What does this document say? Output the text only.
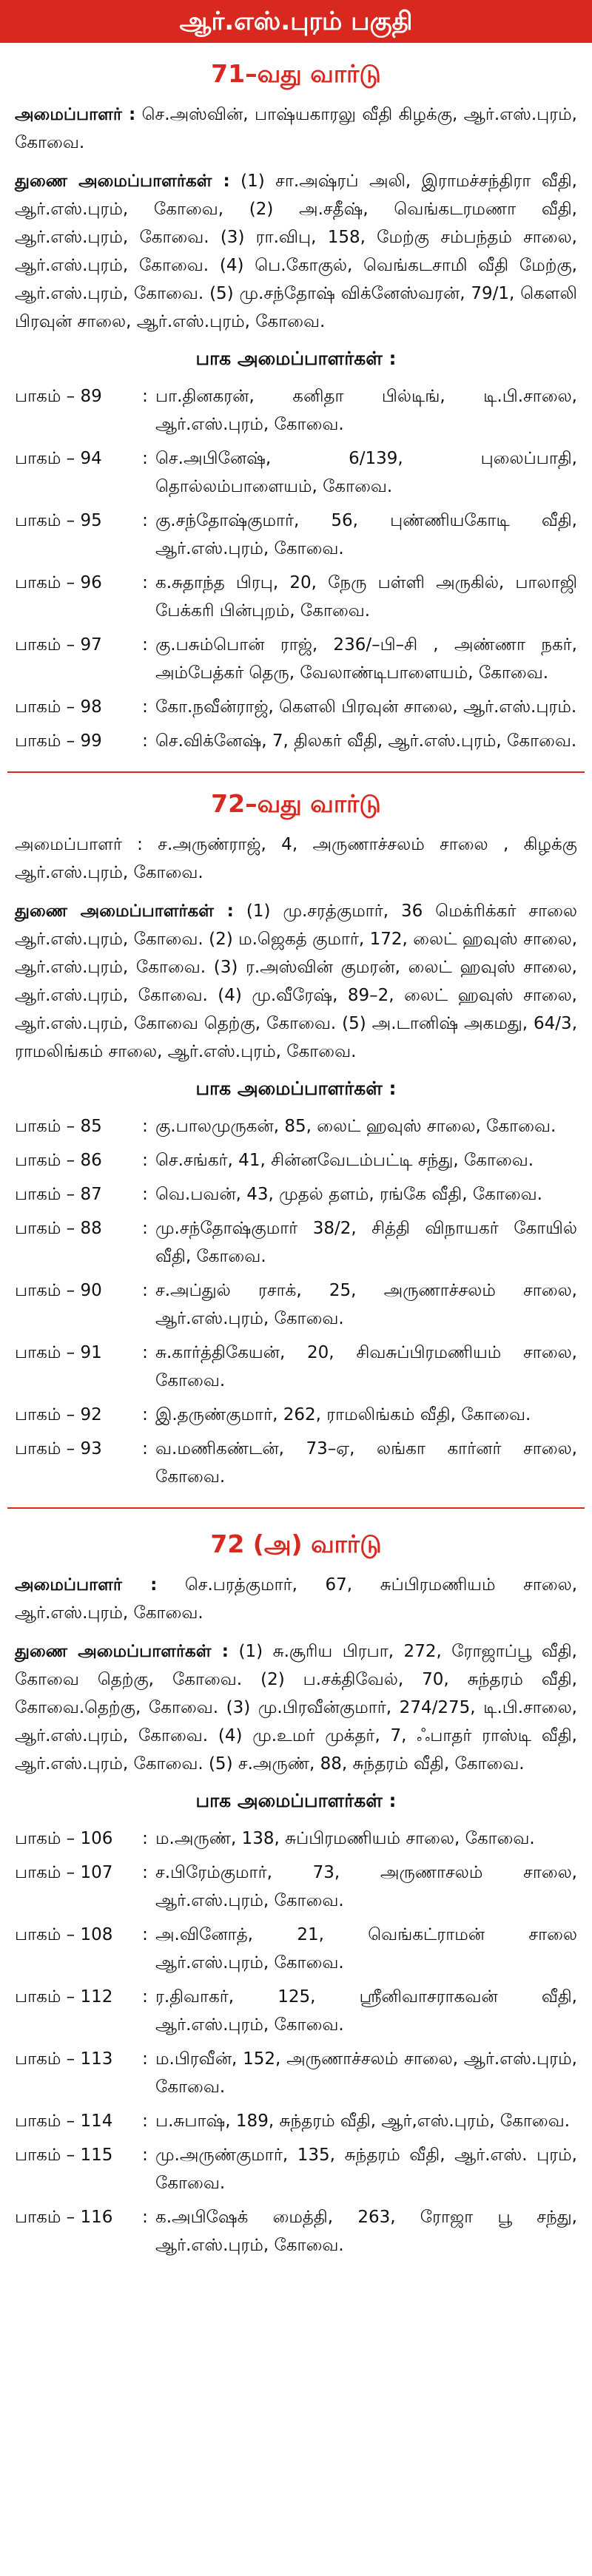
ஆர்.எஸ்.புரம் பகுதி
71–வது வார்டு

அமைப்பாளர் : செ.அஸ்வின், பாஷ்யகாரலு வீதி கிழக்கு, ஆர்.எஸ்.புரம், கோவை.

துணை அமைப்பாளர்கள் : (1) சா.அஷ்ரப் அலி, இராமச்சந்திரா வீதி, ஆர்.எஸ்.புரம், கோவை, (2) அ.சதீஷ், வெங்கடரமணா வீதி, ஆர்.எஸ்.புரம், கோவை. (3) ரா.விபு, 158, மேற்கு சம்பந்தம் சாலை, ஆர்.எஸ்.புரம், கோவை. (4) பெ.கோகுல், வெங்கடசாமி வீதி மேற்கு, ஆர்.எஸ்.புரம், கோவை. (5) மு.சந்தோஷ் விக்னேஸ்வரன், 79/1, கௌலி பிரவுன் சாலை, ஆர்.எஸ்.புரம், கோவை.

பாக அமைப்பாளர்கள் :
பாகம் – 89	: பா.தினகரன், கனிதா பில்டிங், டி.பி.சாலை, ஆர்.எஸ்.புரம், கோவை.
பாகம் – 94	: செ.அபினேஷ், 6/139, புலைப்பாதி, தொல்லம்பாளையம், கோவை.
பாகம் – 95	: கு.சந்தோஷ்குமார், 56, புண்ணியகோடி வீதி, ஆர்.எஸ்.புரம், கோவை.
பாகம் – 96	: க.சுதாந்த பிரபு, 20, நேரு பள்ளி அருகில், பாலாஜி பேக்கரி பின்புறம், கோவை.
பாகம் – 97	: கு.பசும்பொன் ராஜ், 236/–பி–சி , அண்ணா நகர், அம்பேத்கர் தெரு, வேலாண்டிபாளையம், கோவை.
பாகம் – 98	: கோ.நவீன்ராஜ், கௌலி பிரவுன் சாலை, ஆர்.எஸ்.புரம்.
பாகம் – 99	: செ.விக்னேஷ், 7, திலகர் வீதி, ஆர்.எஸ்.புரம், கோவை.
72–வது வார்டு

அமைப்பாளர் : ச.அருண்ராஜ், 4, அருணாச்சலம் சாலை , கிழக்கு ஆர்.எஸ்.புரம், கோவை.

துணை அமைப்பாளர்கள் : (1) மு.சரத்குமார், 36 மெக்ரிக்கர் சாலை ஆர்.எஸ்.புரம், கோவை. (2) ம.ஜெகத் குமார், 172, லைட் ஹவுஸ் சாலை, ஆர்.எஸ்.புரம், கோவை. (3) ர.அஸ்வின் குமரன், லைட் ஹவுஸ் சாலை, ஆர்.எஸ்.புரம், கோவை. (4) மு.வீரேஷ், 89–2, லைட் ஹவுஸ் சாலை, ஆர்.எஸ்.புரம், கோவை தெற்கு, கோவை. (5) அ.டானிஷ் அகமது, 64/3, ராமலிங்கம் சாலை, ஆர்.எஸ்.புரம், கோவை.

பாக அமைப்பாளர்கள் :
பாகம் – 85	: கு.பாலமுருகன், 85, லைட் ஹவுஸ் சாலை, கோவை.
பாகம் – 86	: செ.சங்கர், 41, சின்னவேடம்பட்டி சந்து, கோவை.
பாகம் – 87	: வெ.பவன், 43, முதல் தளம், ரங்கே வீதி, கோவை.
பாகம் – 88	: மு.சந்தோஷ்குமார் 38/2, சித்தி விநாயகர் கோயில் வீதி, கோவை.
பாகம் – 90	: ச.அப்துல் ரசாக், 25, அருணாச்சலம் சாலை, ஆர்.எஸ்.புரம், கோவை.
பாகம் – 91	: சு.கார்த்திகேயன், 20, சிவசுப்பிரமணியம் சாலை, கோவை.
பாகம் – 92	: இ.தருண்குமார், 262, ராமலிங்கம் வீதி, கோவை.
பாகம் – 93	: வ.மணிகண்டன், 73–ஏ, லங்கா கார்னர் சாலை, கோவை.
72 (அ) வார்டு

அமைப்பாளர் : செ.பரத்குமார், 67, சுப்பிரமணியம் சாலை, ஆர்.எஸ்.புரம், கோவை.

துணை அமைப்பாளர்கள் : (1) சு.சூரிய பிரபா, 272, ரோஜாப்பூ வீதி, கோவை தெற்கு, கோவை. (2) ப.சக்திவேல், 70, சுந்தரம் வீதி, கோவை.தெற்கு, கோவை. (3) மு.பிரவீன்குமார், 274/275, டி.பி.சாலை, ஆர்.எஸ்.புரம், கோவை. (4) மு.உமர் முக்தர், 7, ஃபாதர் ராஸ்டி வீதி, ஆர்.எஸ்.புரம், கோவை. (5) ச.அருண், 88, சுந்தரம் வீதி, கோவை.

பாக அமைப்பாளர்கள் :
பாகம் – 106	: ம.அருண், 138, சுப்பிரமணியம் சாலை, கோவை.
பாகம் – 107	: ச.பிரேம்குமார், 73, அருணாசலம் சாலை, ஆர்.எஸ்.புரம், கோவை.
பாகம் – 108	: அ.வினோத், 21, வெங்கட்ராமன் சாலை ஆர்.எஸ்.புரம், கோவை.
பாகம் – 112	: ர.திவாகர், 125, ஸ்ரீனிவாசராகவன் வீதி, ஆர்.எஸ்.புரம், கோவை.
பாகம் – 113	: ம.பிரவீன், 152, அருணாச்சலம் சாலை, ஆர்.எஸ்.புரம், கோவை.
பாகம் – 114	: ப.சுபாஷ், 189, சுந்தரம் வீதி, ஆர்,எஸ்.புரம், கோவை.
பாகம் – 115	: மு.அருண்குமார், 135, சுந்தரம் வீதி, ஆர்.எஸ். புரம், கோவை.
பாகம் – 116	: க.அபிஷேக் மைத்தி, 263, ரோஜா பூ சந்து, ஆர்.எஸ்.புரம், கோவை.
